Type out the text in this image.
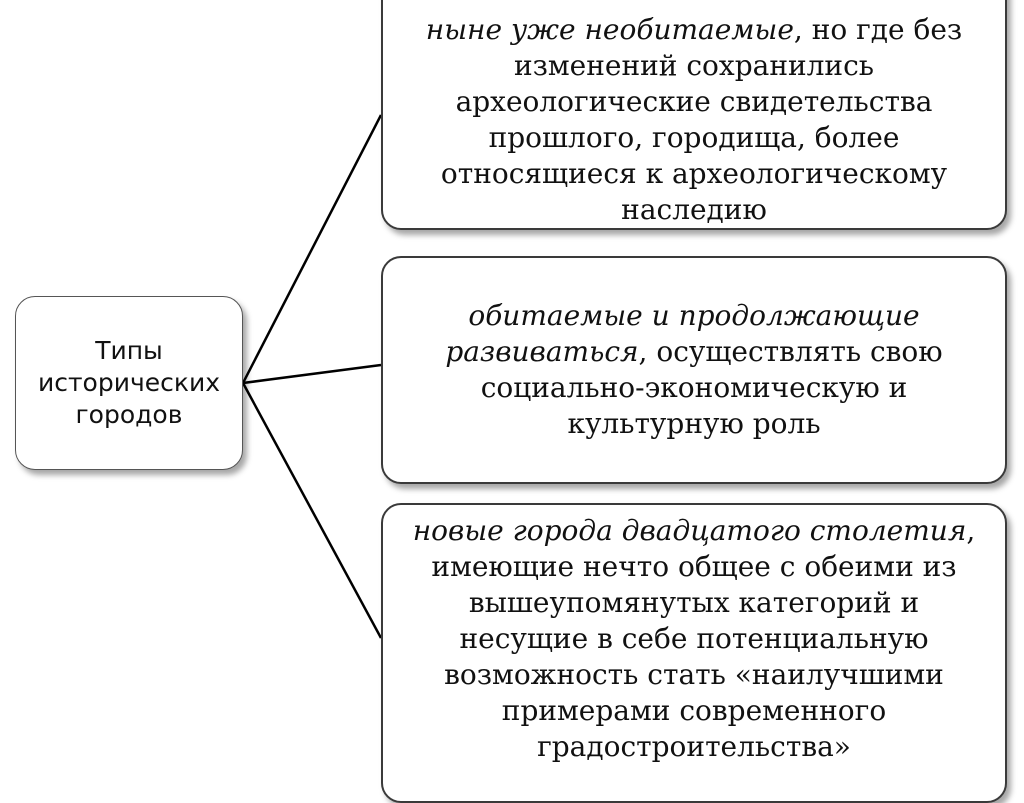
Типы
исторических
городов
ныне уже необитаемые, но где без изменений сохранились археологические свидетельства прошлого, городища, более относящиеся к археологическому наследию
обитаемые и продолжающие развиваться, осуществлять свою социально-экономическую и культурную роль
новые города двадцатого столетия, имеющие нечто общее с обеими из вышеупомянутых категорий и несущие в себе потенциальную возможность стать «наилучшими примерами современного градостроительства»
